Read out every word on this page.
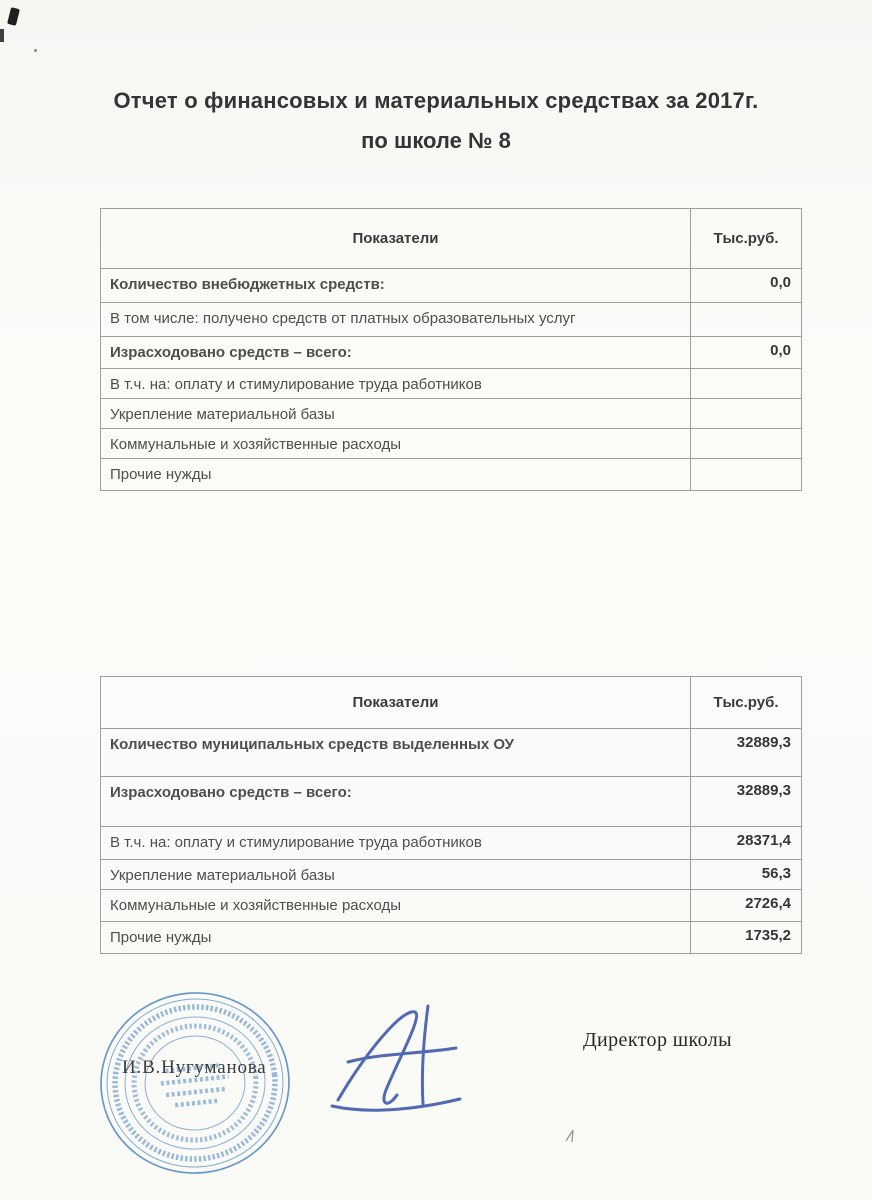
Отчет о финансовых и материальных средствах за 2017г.
по школе № 8
Показатели	Тыс.руб.
Количество внебюджетных средств:	0,0
В том числе: получено средств от платных образовательных услуг	
Израсходовано средств – всего:	0,0
В т.ч. на: оплату и стимулирование труда работников	
Укрепление материальной базы	
Коммунальные и хозяйственные расходы	
Прочие нужды	
Показатели	Тыс.руб.
Количество муниципальных средств выделенных ОУ	32889,3
Израсходовано средств – всего:	32889,3
В т.ч. на: оплату и стимулирование труда работников	28371,4
Укрепление материальной базы	56,3
Коммунальные и хозяйственные расходы	2726,4
Прочие нужды	1735,2
И.В.Нугуманова
Директор школы
